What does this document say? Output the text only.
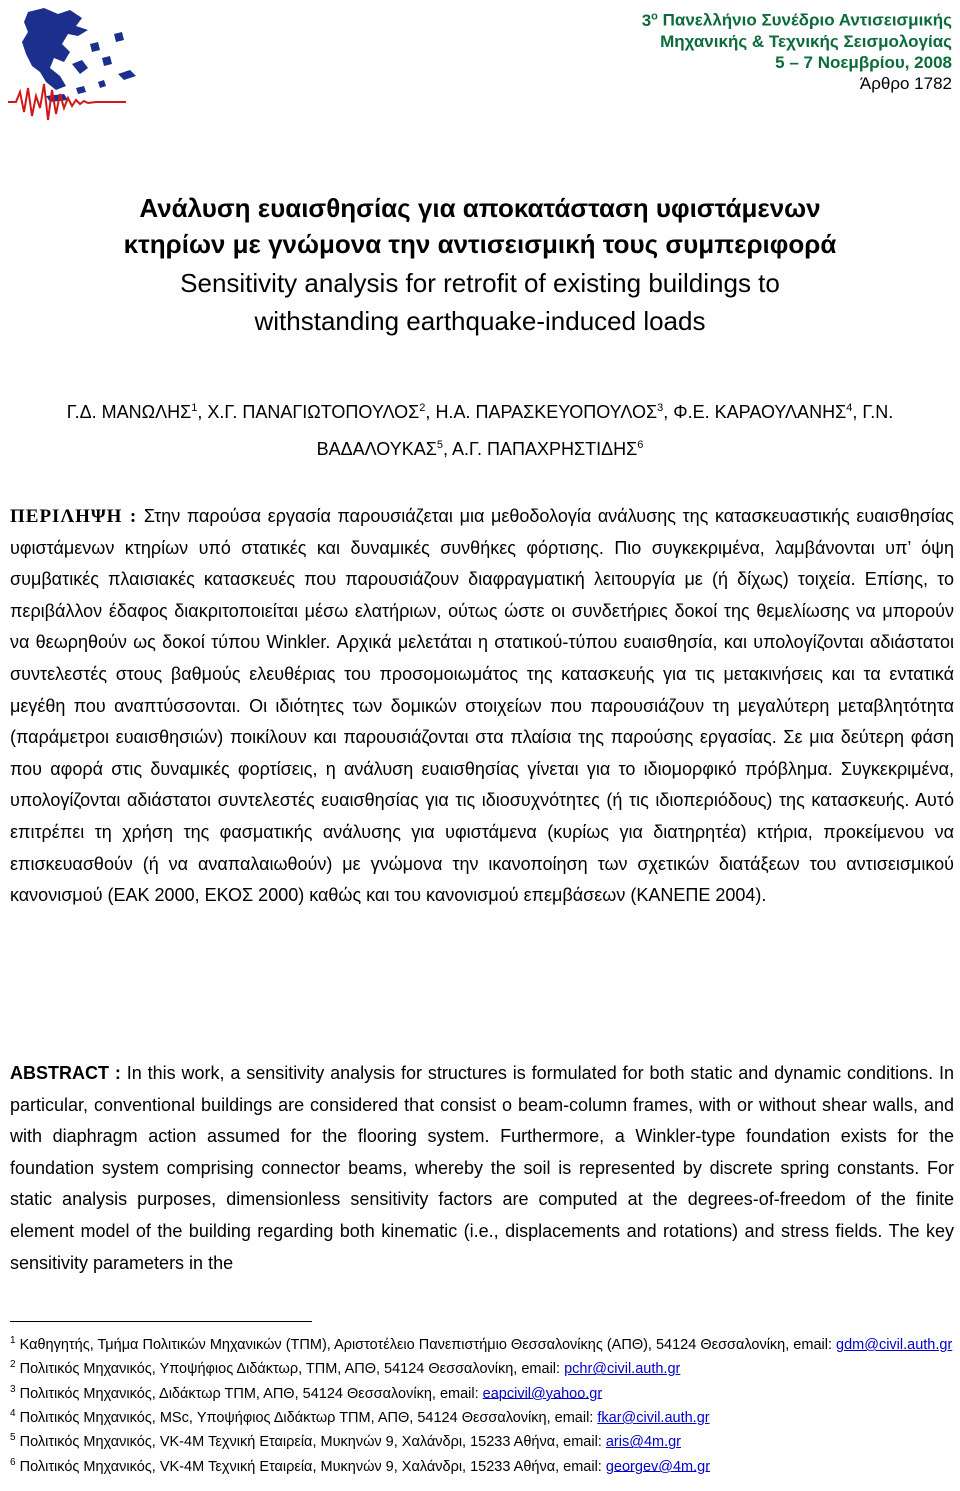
$3^o$ Πανελλήνιο Συνέδριο Αντισεισμικής
Μηχανικής & Τεχνικής Σεισμολογίας
5 – 7 Νοεμβρίου, 2008
Άρθρο 1782

Ανάλυση ευαισθησίας για αποκατάσταση υφιστάμενων
κτηρίων με γνώμονα την αντισεισμική τους συμπεριφορά

Sensitivity analysis for retrofit of existing buildings to
withstanding earthquake-induced loads

Γ.Δ. ΜΑΝΩΛΗΣ$^1$, Χ.Γ. ΠΑΝΑΓΙΩΤΟΠΟΥΛΟΣ$^2$, Η.Α. ΠΑΡΑΣΚΕΥΟΠΟΥΛΟΣ$^3$, Φ.Ε. ΚΑΡΑΟΥΛΑΝΗΣ$^4$, Γ.Ν. ΒΑΔΑΛΟΥΚΑΣ$^5$, Α.Γ. ΠΑΠΑΧΡΗΣΤΙΔΗΣ$^6$

ΠΕΡΙΛΗΨΗ : Στην παρούσα εργασία παρουσιάζεται μια μεθοδολογία ανάλυσης της κατασκευαστικής ευαισθησίας υφιστάμενων κτηρίων υπό στατικές και δυναμικές συνθήκες φόρτισης. Πιο συγκεκριμένα, λαμβάνονται υπ’ όψη συμβατικές πλαισιακές κατασκευές που παρουσιάζουν διαφραγματική λειτουργία με (ή δίχως) τοιχεία. Επίσης, το περιβάλλον έδαφος διακριτοποιείται μέσω ελατήριων, ούτως ώστε οι συνδετήριες δοκοί της θεμελίωσης να μπορούν να θεωρηθούν ως δοκοί τύπου Winkler. Αρχικά μελετάται η στατικού-τύπου ευαισθησία, και υπολογίζονται αδιάστατοι συντελεστές στους βαθμούς ελευθέριας του προσομοιωμάτος της κατασκευής για τις μετακινήσεις και τα εντατικά μεγέθη που αναπτύσσονται. Οι ιδιότητες των δομικών στοιχείων που παρουσιάζουν τη μεγαλύτερη μεταβλητότητα (παράμετροι ευαισθησιών) ποικίλουν και παρουσιάζονται στα πλαίσια της παρούσης εργασίας. Σε μια δεύτερη φάση που αφορά στις δυναμικές φορτίσεις, η ανάλυση ευαισθησίας γίνεται για το ιδιομορφικό πρόβλημα. Συγκεκριμένα, υπολογίζονται αδιάστατοι συντελεστές ευαισθησίας για τις ιδιοσυχνότητες (ή τις ιδιοπεριόδους) της κατασκευής. Αυτό επιτρέπει τη χρήση της φασματικής ανάλυσης για υφιστάμενα (κυρίως για διατηρητέα) κτήρια, προκείμενου να επισκευασθούν (ή να αναπαλαιωθούν) με γνώμονα την ικανοποίηση των σχετικών διατάξεων του αντισεισμικού κανονισμού (ΕΑΚ 2000, ΕΚΟΣ 2000) καθώς και του κανονισμού επεμβάσεων (ΚΑΝΕΠΕ 2004).

ABSTRACT : In this work, a sensitivity analysis for structures is formulated for both static and dynamic conditions. In particular, conventional buildings are considered that consist o beam-column frames, with or without shear walls, and with diaphragm action assumed for the flooring system. Furthermore, a Winkler-type foundation exists for the foundation system comprising connector beams, whereby the soil is represented by discrete spring constants. For static analysis purposes, dimensionless sensitivity factors are computed at the degrees-of-freedom of the finite element model of the building regarding both kinematic (i.e., displacements and rotations) and stress fields. The key sensitivity parameters in the

$^1$ Καθηγητής, Τμήμα Πολιτικών Μηχανικών (ΤΠΜ), Αριστοτέλειο Πανεπιστήμιο Θεσσαλονίκης (ΑΠΘ), 54124 Θεσσαλονίκη, email: gdm@civil.auth.gr

$^2$ Πολιτικός Μηχανικός, Υποψήφιος Διδάκτωρ, ΤΠΜ, ΑΠΘ, 54124 Θεσσαλονίκη, email: pchr@civil.auth.gr

$^3$ Πολιτικός Μηχανικός, Διδάκτωρ ΤΠΜ, ΑΠΘ, 54124 Θεσσαλονίκη, email: eapcivil@yahoo.gr

$^4$ Πολιτικός Μηχανικός, MSc, Υποψήφιος Διδάκτωρ ΤΠΜ, ΑΠΘ, 54124 Θεσσαλονίκη, email: fkar@civil.auth.gr

$^5$ Πολιτικός Μηχανικός, VK-4M Τεχνική Εταιρεία, Μυκηνών 9, Χαλάνδρι, 15233 Αθήνα, email: aris@4m.gr

$^6$ Πολιτικός Μηχανικός, VK-4M Τεχνική Εταιρεία, Μυκηνών 9, Χαλάνδρι, 15233 Αθήνα, email: georgev@4m.gr
